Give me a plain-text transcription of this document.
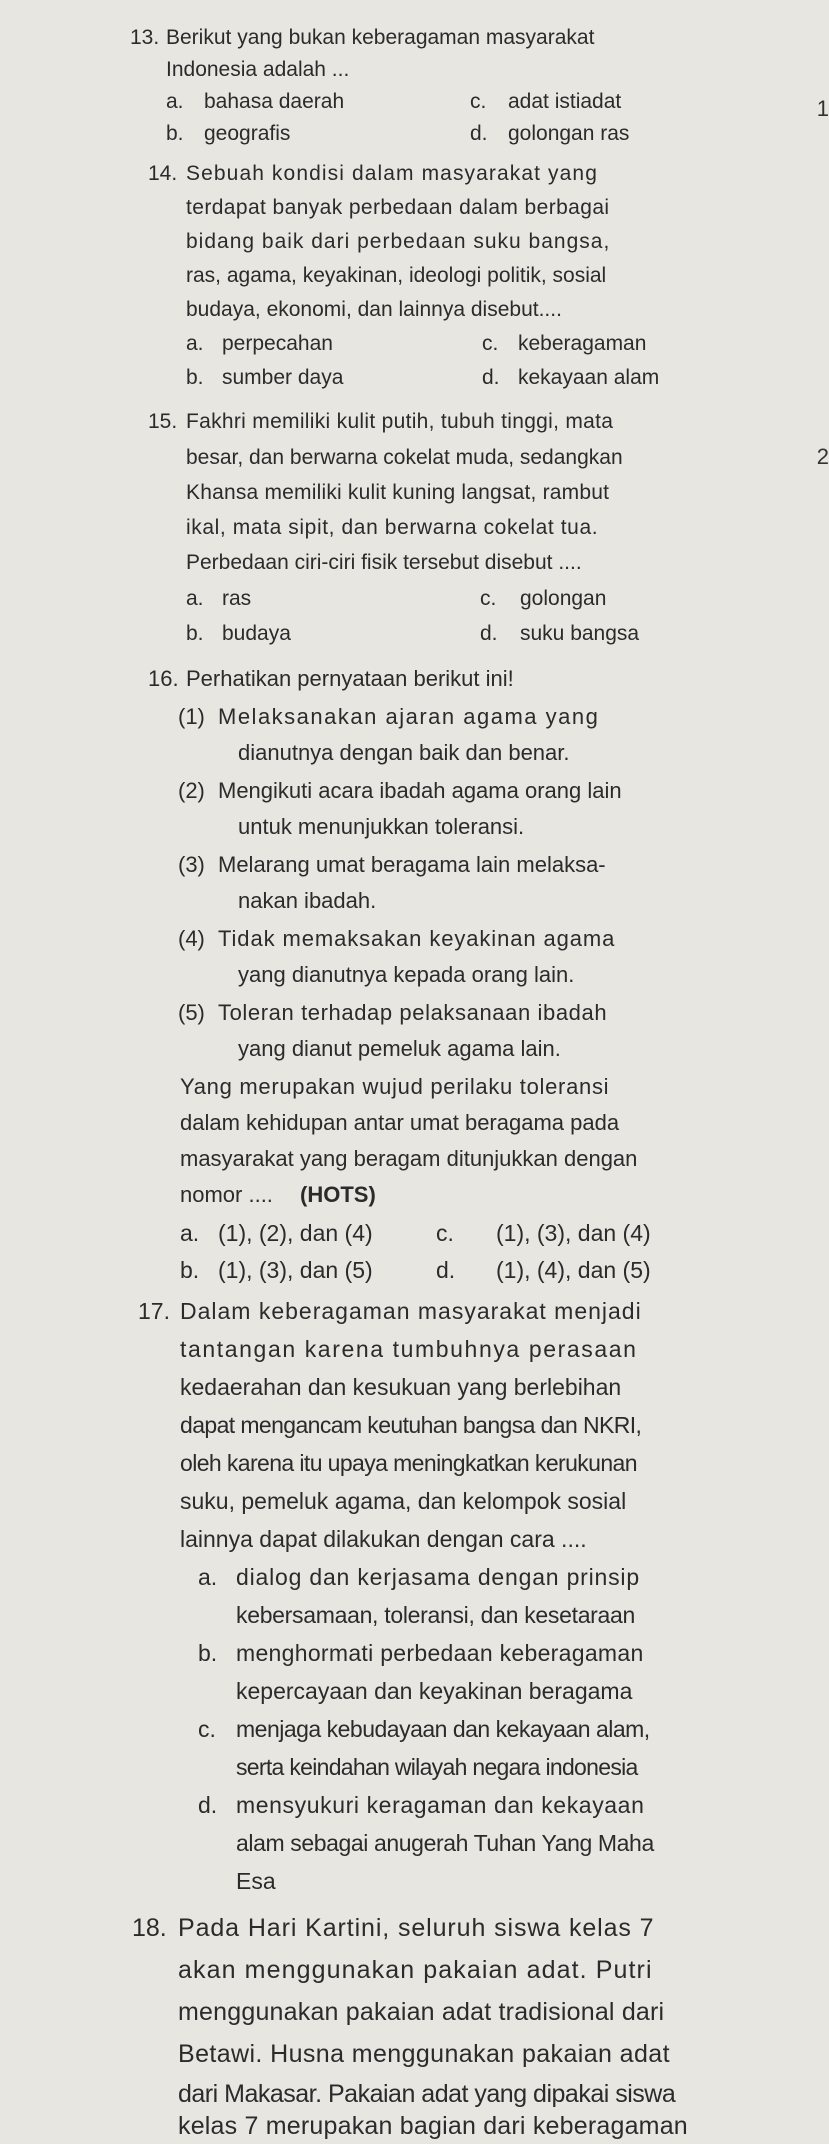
13. Berikut yang bukan keberagaman masyarakat
Indonesia adalah ...
a. bahasa daerah	c. adat istiadat
b. geografis	d. golongan ras
1
14. Sebuah kondisi dalam masyarakat yang
terdapat banyak perbedaan dalam berbagai
bidang baik dari perbedaan suku bangsa,
ras, agama, keyakinan, ideologi politik, sosial
budaya, ekonomi, dan lainnya disebut....
a. perpecahan	c. keberagaman
b. sumber daya	d. kekayaan alam
15. Fakhri memiliki kulit putih, tubuh tinggi, mata
besar, dan berwarna cokelat muda, sedangkan
Khansa memiliki kulit kuning langsat, rambut
ikal, mata sipit, dan berwarna cokelat tua.
Perbedaan ciri-ciri fisik tersebut disebut ....
a. ras	c. golongan
b. budaya	d. suku bangsa
2
16. Perhatikan pernyataan berikut ini!
(1) Melaksanakan ajaran agama yang
dianutnya dengan baik dan benar.
(2) Mengikuti acara ibadah agama orang lain
untuk menunjukkan toleransi.
(3) Melarang umat beragama lain melaksa-
nakan ibadah.
(4) Tidak memaksakan keyakinan agama
yang dianutnya kepada orang lain.
(5) Toleran terhadap pelaksanaan ibadah
yang dianut pemeluk agama lain.
Yang merupakan wujud perilaku toleransi
dalam kehidupan antar umat beragama pada
masyarakat yang beragam ditunjukkan dengan
nomor .... (HOTS)
a. (1), (2), dan (4)	c. (1), (3), dan (4)
b. (1), (3), dan (5)	d. (1), (4), dan (5)
17. Dalam keberagaman masyarakat menjadi
tantangan karena tumbuhnya perasaan
kedaerahan dan kesukuan yang berlebihan
dapat mengancam keutuhan bangsa dan NKRI,
oleh karena itu upaya meningkatkan kerukunan
suku, pemeluk agama, dan kelompok sosial
lainnya dapat dilakukan dengan cara ....
a. dialog dan kerjasama dengan prinsip
kebersamaan, toleransi, dan kesetaraan
b. menghormati perbedaan keberagaman
kepercayaan dan keyakinan beragama
c. menjaga kebudayaan dan kekayaan alam,
serta keindahan wilayah negara indonesia
d. mensyukuri keragaman dan kekayaan
alam sebagai anugerah Tuhan Yang Maha
Esa
18. Pada Hari Kartini, seluruh siswa kelas 7
akan menggunakan pakaian adat. Putri
menggunakan pakaian adat tradisional dari
Betawi. Husna menggunakan pakaian adat
dari Makasar. Pakaian adat yang dipakai siswa
kelas 7 merupakan bagian dari keberagaman
